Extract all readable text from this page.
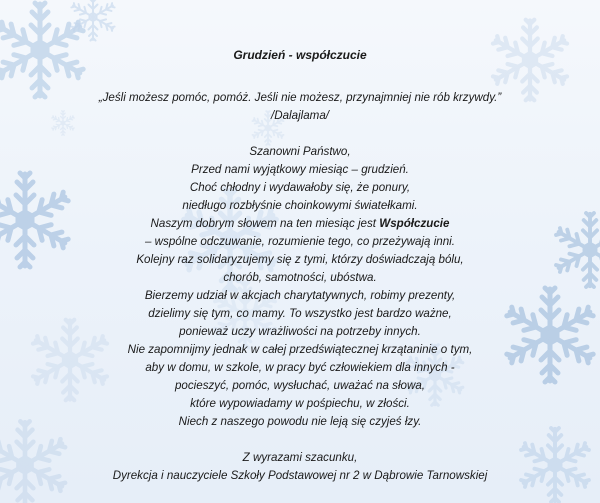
Grudzień - współczucie
„Jeśli możesz pomóc, pomóż. Jeśli nie możesz, przynajmniej nie rób krzywdy.”
/Dalajlama/
Szanowni Państwo,
Przed nami wyjątkowy miesiąc – grudzień.
Choć chłodny i wydawałoby się, że ponury,
niedługo rozbłyśnie choinkowymi światełkami.
Naszym dobrym słowem na ten miesiąc jest Współczucie
– wspólne odczuwanie, rozumienie tego, co przeżywają inni.
Kolejny raz solidaryzujemy się z tymi, którzy doświadczają bólu,
chorób, samotności, ubóstwa.
Bierzemy udział w akcjach charytatywnych, robimy prezenty,
dzielimy się tym, co mamy. To wszystko jest bardzo ważne,
ponieważ uczy wrażliwości na potrzeby innych.
Nie zapomnijmy jednak w całej przedświątecznej krzątaninie o tym,
aby w domu, w szkole, w pracy być człowiekiem dla innych -
pocieszyć, pomóc, wysłuchać, uważać na słowa,
które wypowiadamy w pośpiechu, w złości.
Niech z naszego powodu nie leją się czyjeś łzy.
Z wyrazami szacunku,
Dyrekcja i nauczyciele Szkoły Podstawowej nr 2 w Dąbrowie Tarnowskiej
